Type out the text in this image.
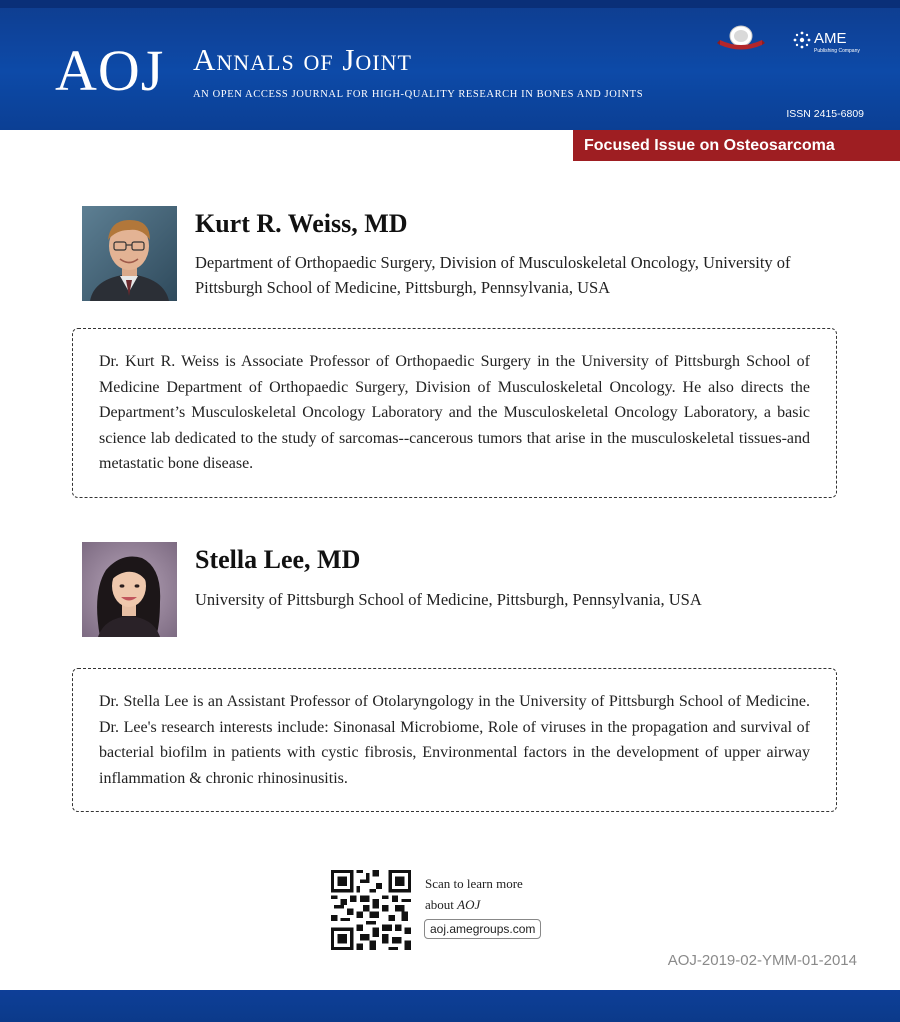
AOJ Annals of Joint
AN OPEN ACCESS JOURNAL FOR HIGH-QUALITY RESEARCH IN BONES AND JOINTS
AME
Publishing Company
ISSN 2415-6809
Focused Issue on Osteosarcoma
Kurt R. Weiss, MD
Department of Orthopaedic Surgery, Division of Musculoskeletal Oncology, University of Pittsburgh School of Medicine, Pittsburgh, Pennsylvania, USA
Dr. Kurt R. Weiss is Associate Professor of Orthopaedic Surgery in the University of Pittsburgh School of Medicine Department of Orthopaedic Surgery, Division of Musculoskeletal Oncology. He also directs the Department’s Musculoskeletal Oncology Laboratory and the Musculoskeletal Oncology Laboratory, a basic science lab dedicated to the study of sarcomas--cancerous tumors that arise in the musculoskeletal tissues-and metastatic bone disease.
Stella Lee, MD
University of Pittsburgh School of Medicine, Pittsburgh, Pennsylvania, USA
Dr. Stella Lee is an Assistant Professor of Otolaryngology in the University of Pittsburgh School of Medicine. Dr. Lee's research interests include: Sinonasal Microbiome, Role of viruses in the propagation and survival of bacterial biofilm in patients with cystic fibrosis, Environmental factors in the development of upper airway inflammation & chronic rhinosinusitis.
Scan to learn more
about AOJ
aoj.amegroups.com
AOJ-2019-02-YMM-01-2014
